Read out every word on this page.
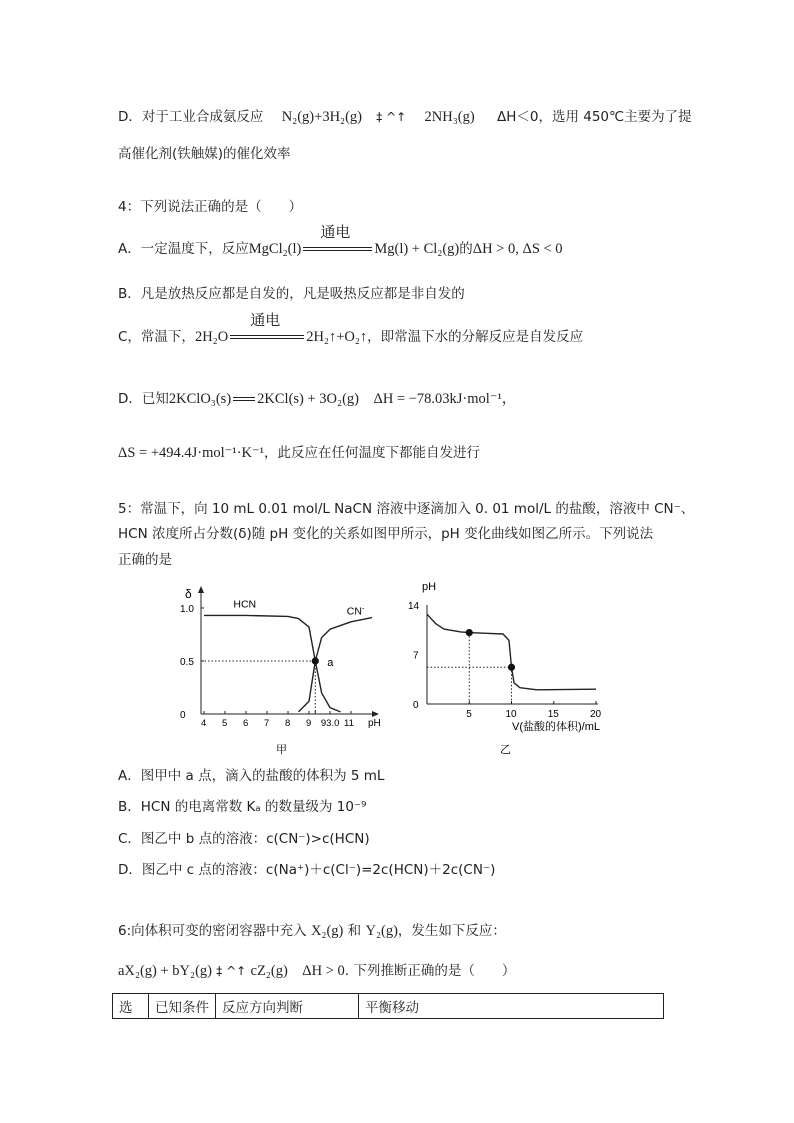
D．对于工业合成氨反应 N₂(g)+3H₂(g) ‡ ^↑ 2NH₃(g) ΔH＜0，选用 450℃主要为了提
高催化剂(铁触媒)的催化效率
4：下列说法正确的是（　　）
A．一定温度下，反应MgCl₂(l)
通电
Mg(l) + Cl₂(g)的ΔH > 0, ΔS < 0
B．凡是放热反应都是自发的，凡是吸热反应都是非自发的
C，常温下，2H₂O
通电
2H₂↑+O₂↑，即常温下水的分解反应是自发反应
D．已知2KClO₃(s) 2KCl(s) + 3O₂(g)　ΔH = −78.03kJ·mol⁻¹，
ΔS = +494.4J·mol⁻¹·K⁻¹，此反应在任何温度下都能自发进行
5：常温下，向 10 mL 0.01 mol/L NaCN 溶液中逐滴加入 0. 01 mol/L 的盐酸，溶液中 CN⁻、
HCN 浓度所占分数(δ)随 pH 变化的关系如图甲所示，pH 变化曲线如图乙所示。下列说法
正确的是
δ
pH
甲
0
0.5
1.0
4 5 6 7 8 9 93.0 11
HCN
CN-
a
pH
V(盐酸的体积)/mL
乙
0
7
14
5	10	15	20
A．图甲中 a 点，滴入的盐酸的体积为 5 mL
B．HCN 的电离常数 Kₐ 的数量级为 10⁻⁹
C．图乙中 b 点的溶液：c(CN⁻)>c(HCN)
D．图乙中 c 点的溶液：c(Na⁺)＋c(Cl⁻)=2c(HCN)＋2c(CN⁻)
6:向体积可变的密闭容器中充入 X₂(g) 和 Y₂(g)，发生如下反应：
aX₂(g) + bY₂(g) ‡ ^↑ cZ₂(g)　ΔH > 0. 下列推断正确的是（　　）
选	已知条件	反应方向判断	平衡移动
